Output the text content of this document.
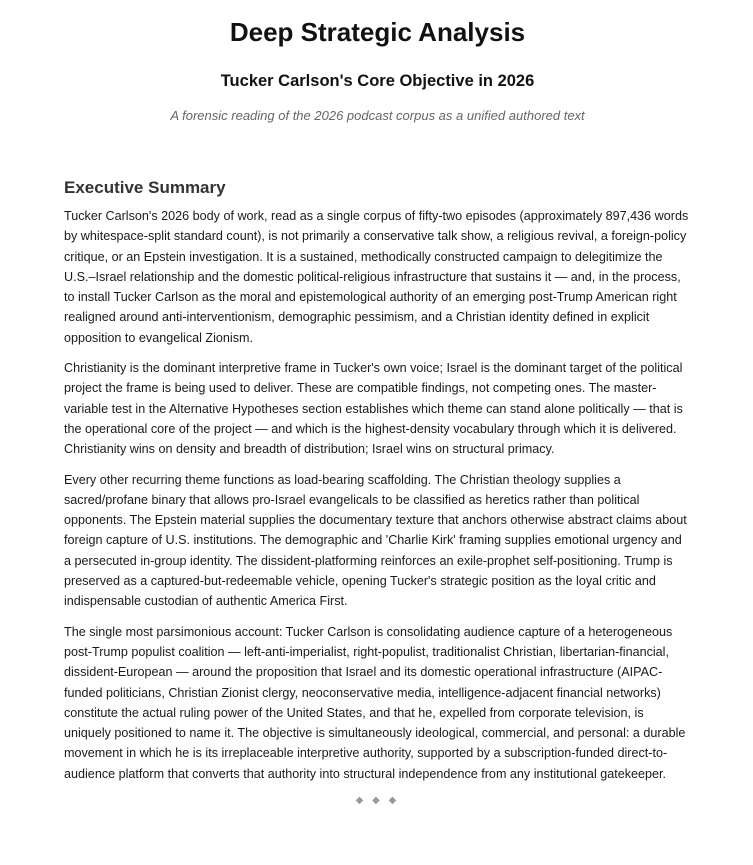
Deep Strategic Analysis
Tucker Carlson's Core Objective in 2026

A forensic reading of the 2026 podcast corpus as a unified authored text

Executive Summary

Tucker Carlson's 2026 body of work, read as a single corpus of fifty-two episodes (approximately 897,436 words by whitespace-split standard count), is not primarily a conservative talk show, a religious revival, a foreign-policy critique, or an Epstein investigation. It is a sustained, methodically constructed campaign to delegitimize the U.S.–Israel relationship and the domestic political-religious infrastructure that sustains it — and, in the process, to install Tucker Carlson as the moral and epistemological authority of an emerging post-Trump American right realigned around anti-interventionism, demographic pessimism, and a Christian identity defined in explicit opposition to evangelical Zionism.

Christianity is the dominant interpretive frame in Tucker's own voice; Israel is the dominant target of the political project the frame is being used to deliver. These are compatible findings, not competing ones. The master-variable test in the Alternative Hypotheses section establishes which theme can stand alone politically — that is the operational core of the project — and which is the highest-density vocabulary through which it is delivered. Christianity wins on density and breadth of distribution; Israel wins on structural primacy.

Every other recurring theme functions as load-bearing scaffolding. The Christian theology supplies a sacred/profane binary that allows pro-Israel evangelicals to be classified as heretics rather than political opponents. The Epstein material supplies the documentary texture that anchors otherwise abstract claims about foreign capture of U.S. institutions. The demographic and 'Charlie Kirk' framing supplies emotional urgency and a persecuted in-group identity. The dissident-platforming reinforces an exile-prophet self-positioning. Trump is preserved as a captured-but-redeemable vehicle, opening Tucker's strategic position as the loyal critic and indispensable custodian of authentic America First.

The single most parsimonious account: Tucker Carlson is consolidating audience capture of a heterogeneous post-Trump populist coalition — left-anti-imperialist, right-populist, traditionalist Christian, libertarian-financial, dissident-European — around the proposition that Israel and its domestic operational infrastructure (AIPAC-funded politicians, Christian Zionist clergy, neoconservative media, intelligence-adjacent financial networks) constitute the actual ruling power of the United States, and that he, expelled from corporate television, is uniquely positioned to name it. The objective is simultaneously ideological, commercial, and personal: a durable movement in which he is its irreplaceable interpretive authority, supported by a subscription-funded direct-to-audience platform that converts that authority into structural independence from any institutional gatekeeper.

◆ ◆ ◆
